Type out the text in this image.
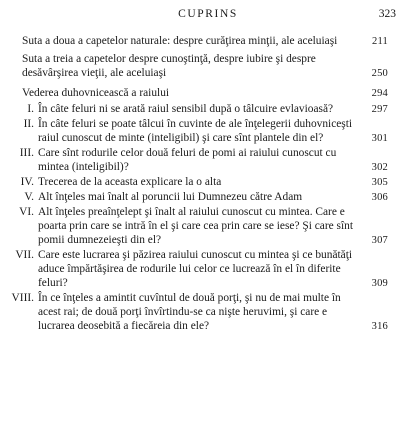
CUPRINS	323
Suta a doua a capetelor naturale: despre curăţirea minţii, ale aceluiaşi	211
Suta a treia a capetelor despre cunoştinţă, despre iubire şi despre desăvârşirea vieţii, ale aceluiaşi	250
Vederea duhovnicească a raiului	294
I. În câte feluri ni se arată raiul sensibil după o tâlcuire evlavioasă?	297
II. În câte feluri se poate tâlcui în cuvinte de ale înţelegerii duhovniceşti raiul cunoscut de minte (inteligibil) şi care sînt plantele din el?	301
III. Care sînt rodurile celor două feluri de pomi ai raiului cunoscut cu mintea (inteligibil)?	302
IV. Trecerea de la aceasta explicare la o alta	305
V. Alt înţeles mai înalt al poruncii lui Dumnezeu către Adam	306
VI. Alt înţeles preaînţelept şi înalt al raiului cunoscut cu mintea. Care e poarta prin care se intră în el şi care cea prin care se iese? Şi care sînt pomii dumnezeieşti din el?	307
VII. Care este lucrarea şi păzirea raiului cunoscut cu mintea şi ce bunătăţi aduce împărtăşirea de rodurile lui celor ce lucrează în el în diferite feluri?	309
VIII. În ce înţeles a amintit cuvîntul de două porţi, şi nu de mai multe în acest rai; de două porţi învîrtindu-se ca nişte heruvimi, şi care e lucrarea deosebită a fiecăreia din ele?	316
